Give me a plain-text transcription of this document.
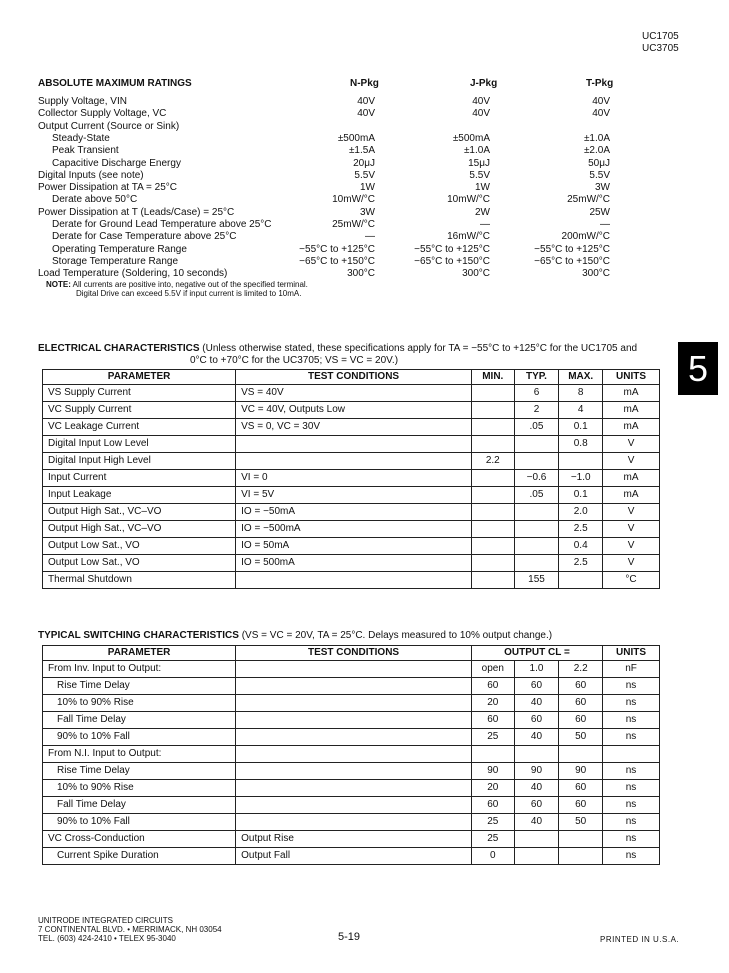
UC1705
UC3705
ABSOLUTE MAXIMUM RATINGS	N-Pkg	J-Pkg	T-Pkg
Supply Voltage, VIN	40V	40V	40V
Collector Supply Voltage, VC	40V	40V	40V
Output Current (Source or Sink)
Steady-State	±500mA	±500mA	±1.0A
Peak Transient	±1.5A	±1.0A	±2.0A
Capacitive Discharge Energy	20μJ	15μJ	50μJ
Digital Inputs (see note)	5.5V	5.5V	5.5V
Power Dissipation at TA = 25°C	1W	1W	3W
Derate above 50°C	10mW/°C	10mW/°C	25mW/°C
Power Dissipation at T (Leads/Case) = 25°C	3W	2W	25W
Derate for Ground Lead Temperature above 25°C	25mW/°C	—	—
Derate for Case Temperature above 25°C	—	16mW/°C	200mW/°C
Operating Temperature Range	−55°C to +125°C	−55°C to +125°C	−55°C to +125°C
Storage Temperature Range	−65°C to +150°C	−65°C to +150°C	−65°C to +150°C
Load Temperature (Soldering, 10 seconds)	300°C	300°C	300°C
NOTE: All currents are positive into, negative out of the specified terminal.
Digital Drive can exceed 5.5V if input current is limited to 10mA.
ELECTRICAL CHARACTERISTICS (Unless otherwise stated, these specifications apply for TA = −55°C to +125°C for the UC1705 and
0°C to +70°C for the UC3705; VS = VC = 20V.)
PARAMETER	TEST CONDITIONS	MIN.	TYP.	MAX.	UNITS
VS Supply Current	VS = 40V		6	8	mA
VC Supply Current	VC = 40V, Outputs Low		2	4	mA
VC Leakage Current	VS = 0, VC = 30V		.05	0.1	mA
Digital Input Low Level				0.8	V
Digital Input High Level		2.2			V
Input Current	VI = 0		−0.6	−1.0	mA
Input Leakage	VI = 5V		.05	0.1	mA
Output High Sat., VC–VO	IO = −50mA			2.0	V
Output High Sat., VC–VO	IO = −500mA			2.5	V
Output Low Sat., VO	IO = 50mA			0.4	V
Output Low Sat., VO	IO = 500mA			2.5	V
Thermal Shutdown			155		°C
TYPICAL SWITCHING CHARACTERISTICS (VS = VC = 20V, TA = 25°C. Delays measured to 10% output change.)
PARAMETER	TEST CONDITIONS	OUTPUT CL =			UNITS
From Inv. Input to Output:		open	1.0	2.2	nF
Rise Time Delay		60	60	60	ns
10% to 90% Rise		20	40	60	ns
Fall Time Delay		60	60	60	ns
90% to 10% Fall		25	40	50	ns
From N.I. Input to Output:					
Rise Time Delay		90	90	90	ns
10% to 90% Rise		20	40	60	ns
Fall Time Delay		60	60	60	ns
90% to 10% Fall		25	40	50	ns
VC Cross-Conduction	Output Rise	25			ns
Current Spike Duration	Output Fall	0			ns
5
UNITRODE INTEGRATED CIRCUITS
7 CONTINENTAL BLVD. • MERRIMACK, NH 03054
TEL. (603) 424-2410 • TELEX 95-3040	5-19	PRINTED IN U.S.A.
